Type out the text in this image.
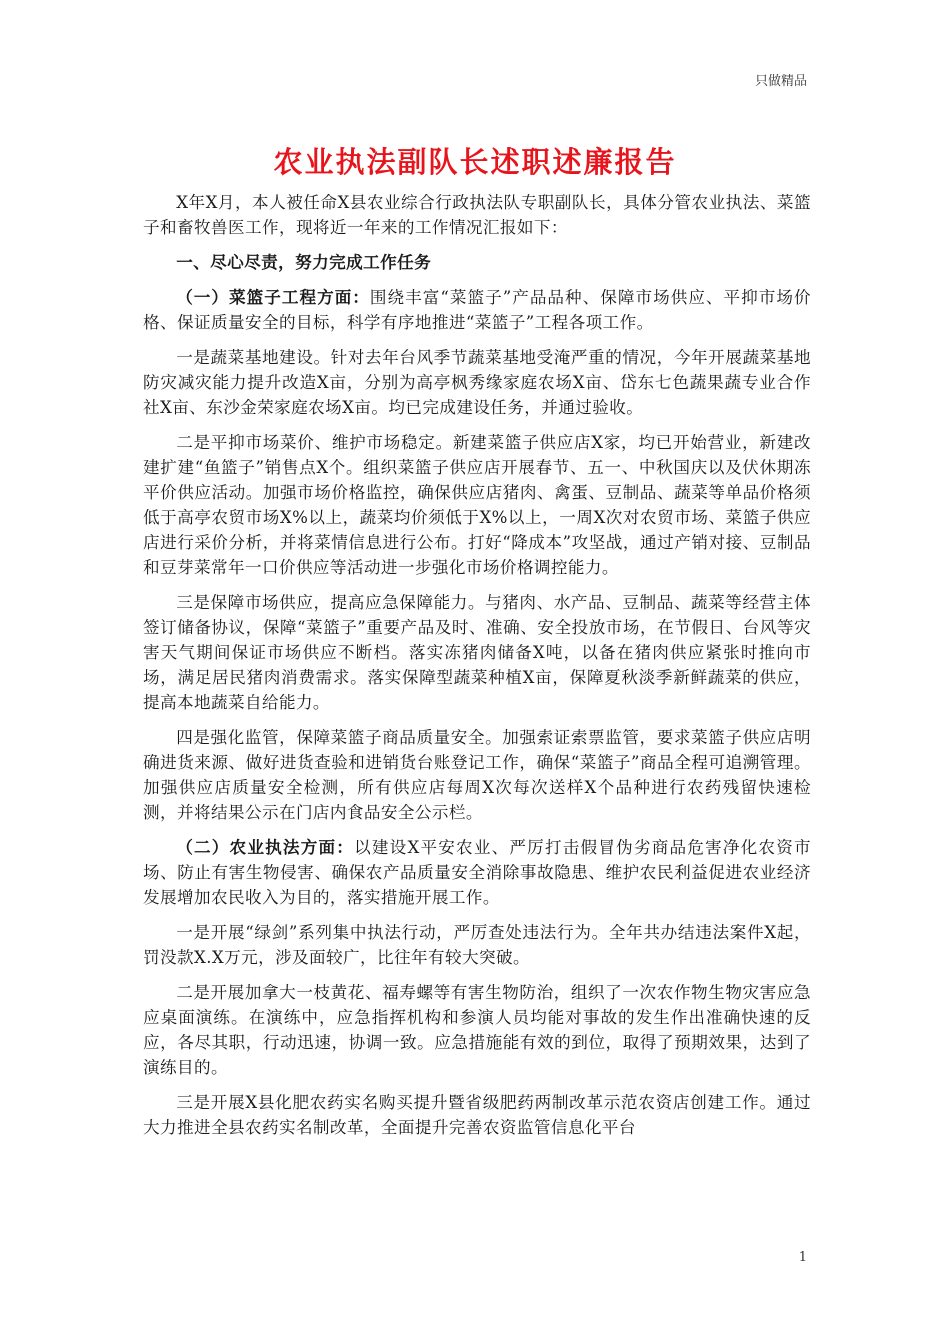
只做精品
农业执法副队长述职述廉报告

X年X月，本人被任命X县农业综合行政执法队专职副队长，具体分管农业执法、菜篮子和畜牧兽医工作，现将近一年来的工作情况汇报如下：

一、尽心尽责，努力完成工作任务

（一）菜篮子工程方面：围绕丰富“菜篮子”产品品种、保障市场供应、平抑市场价格、保证质量安全的目标，科学有序地推进“菜篮子”工程各项工作。

一是蔬菜基地建设。针对去年台风季节蔬菜基地受淹严重的情况，今年开展蔬菜基地防灾减灾能力提升改造X亩，分别为高亭枫秀缘家庭农场X亩、岱东七色蔬果蔬专业合作社X亩、东沙金荣家庭农场X亩。均已完成建设任务，并通过验收。

二是平抑市场菜价、维护市场稳定。新建菜篮子供应店X家，均已开始营业，新建改建扩建“鱼篮子”销售点X个。组织菜篮子供应店开展春节、五一、中秋国庆以及伏休期冻平价供应活动。加强市场价格监控，确保供应店猪肉、禽蛋、豆制品、蔬菜等单品价格须低于高亭农贸市场X%以上，蔬菜均价须低于X%以上，一周X次对农贸市场、菜篮子供应店进行采价分析，并将菜情信息进行公布。打好“降成本”攻坚战，通过产销对接、豆制品和豆芽菜常年一口价供应等活动进一步强化市场价格调控能力。

三是保障市场供应，提高应急保障能力。与猪肉、水产品、豆制品、蔬菜等经营主体签订储备协议，保障“菜篮子”重要产品及时、准确、安全投放市场，在节假日、台风等灾害天气期间保证市场供应不断档。落实冻猪肉储备X吨，以备在猪肉供应紧张时推向市场，满足居民猪肉消费需求。落实保障型蔬菜种植X亩，保障夏秋淡季新鲜蔬菜的供应，提高本地蔬菜自给能力。

四是强化监管，保障菜篮子商品质量安全。加强索证索票监管，要求菜篮子供应店明确进货来源、做好进货查验和进销货台账登记工作，确保“菜篮子”商品全程可追溯管理。加强供应店质量安全检测，所有供应店每周X次每次送样X个品种进行农药残留快速检测，并将结果公示在门店内食品安全公示栏。

（二）农业执法方面：以建设X平安农业、严厉打击假冒伪劣商品危害净化农资市场、防止有害生物侵害、确保农产品质量安全消除事故隐患、维护农民利益促进农业经济发展增加农民收入为目的，落实措施开展工作。

一是开展“绿剑”系列集中执法行动，严厉查处违法行为。全年共办结违法案件X起，罚没款X.X万元，涉及面较广，比往年有较大突破。

二是开展加拿大一枝黄花、福寿螺等有害生物防治，组织了一次农作物生物灾害应急应桌面演练。在演练中，应急指挥机构和参演人员均能对事故的发生作出准确快速的反应，各尽其职，行动迅速，协调一致。应急措施能有效的到位，取得了预期效果，达到了演练目的。

三是开展X县化肥农药实名购买提升暨省级肥药两制改革示范农资店创建工作。通过大力推进全县农药实名制改革，全面提升完善农资监管信息化平台

1
